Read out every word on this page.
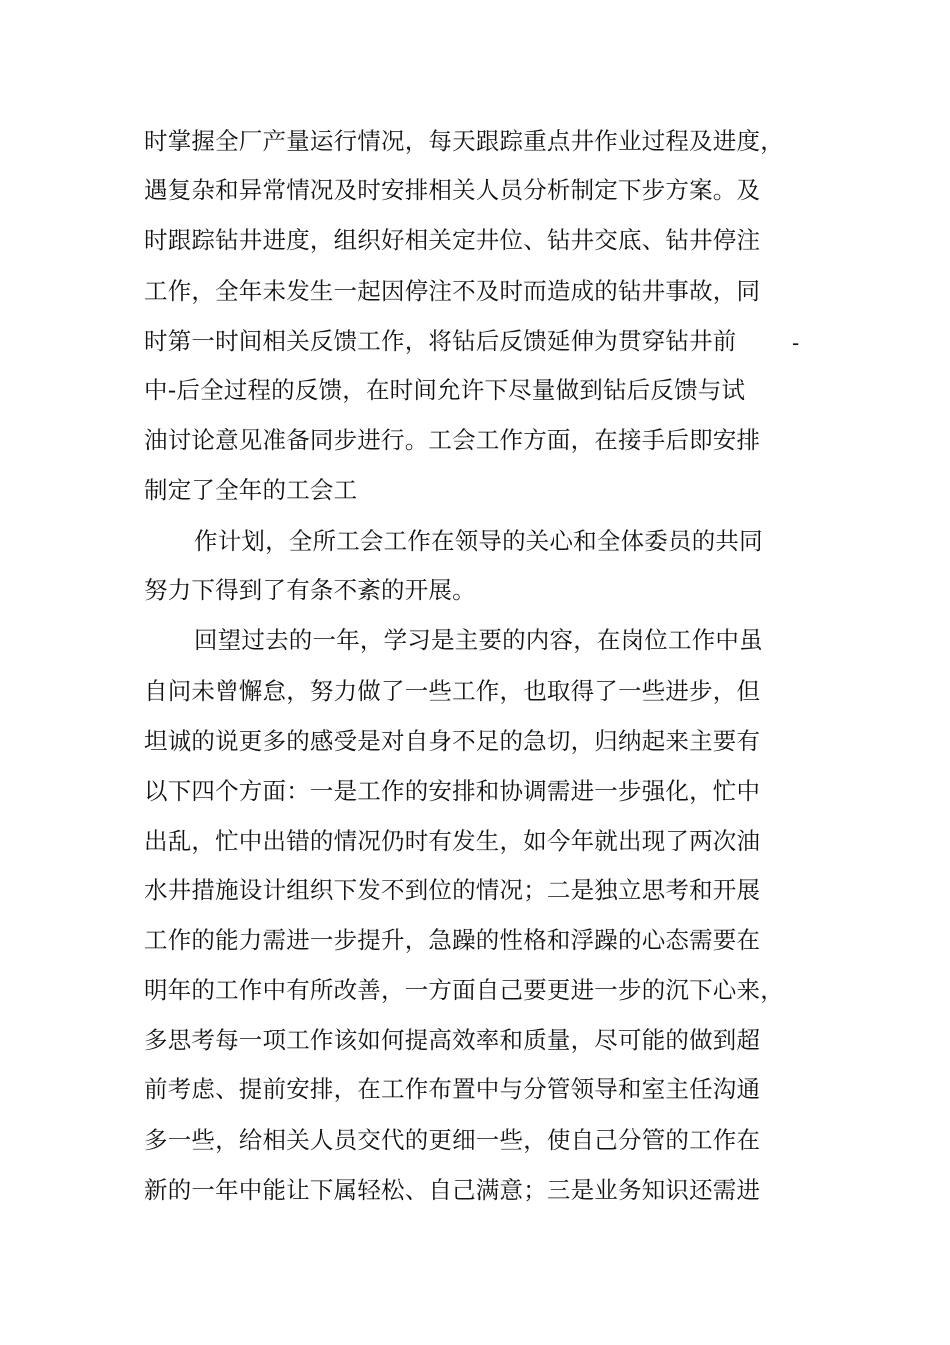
时掌握全厂产量运行情况，每天跟踪重点井作业过程及进度，
遇复杂和异常情况及时安排相关人员分析制定下步方案。及
时跟踪钻井进度，组织好相关定井位、钻井交底、钻井停注
工作，全年未发生一起因停注不及时而造成的钻井事故，同
时第一时间相关反馈工作，将钻后反馈延伸为贯穿钻井前	-
中-后全过程的反馈，在时间允许下尽量做到钻后反馈与试
油讨论意见准备同步进行。工会工作方面，在接手后即安排
制定了全年的工会工
作计划，全所工会工作在领导的关心和全体委员的共同
努力下得到了有条不紊的开展。
回望过去的一年，学习是主要的内容，在岗位工作中虽
自问未曾懈怠，努力做了一些工作，也取得了一些进步，但
坦诚的说更多的感受是对自身不足的急切，归纳起来主要有
以下四个方面：一是工作的安排和协调需进一步强化，忙中
出乱，忙中出错的情况仍时有发生，如今年就出现了两次油
水井措施设计组织下发不到位的情况；二是独立思考和开展
工作的能力需进一步提升，急躁的性格和浮躁的心态需要在
明年的工作中有所改善，一方面自己要更进一步的沉下心来，
多思考每一项工作该如何提高效率和质量，尽可能的做到超
前考虑、提前安排，在工作布置中与分管领导和室主任沟通
多一些，给相关人员交代的更细一些，使自己分管的工作在
新的一年中能让下属轻松、自己满意；三是业务知识还需进
